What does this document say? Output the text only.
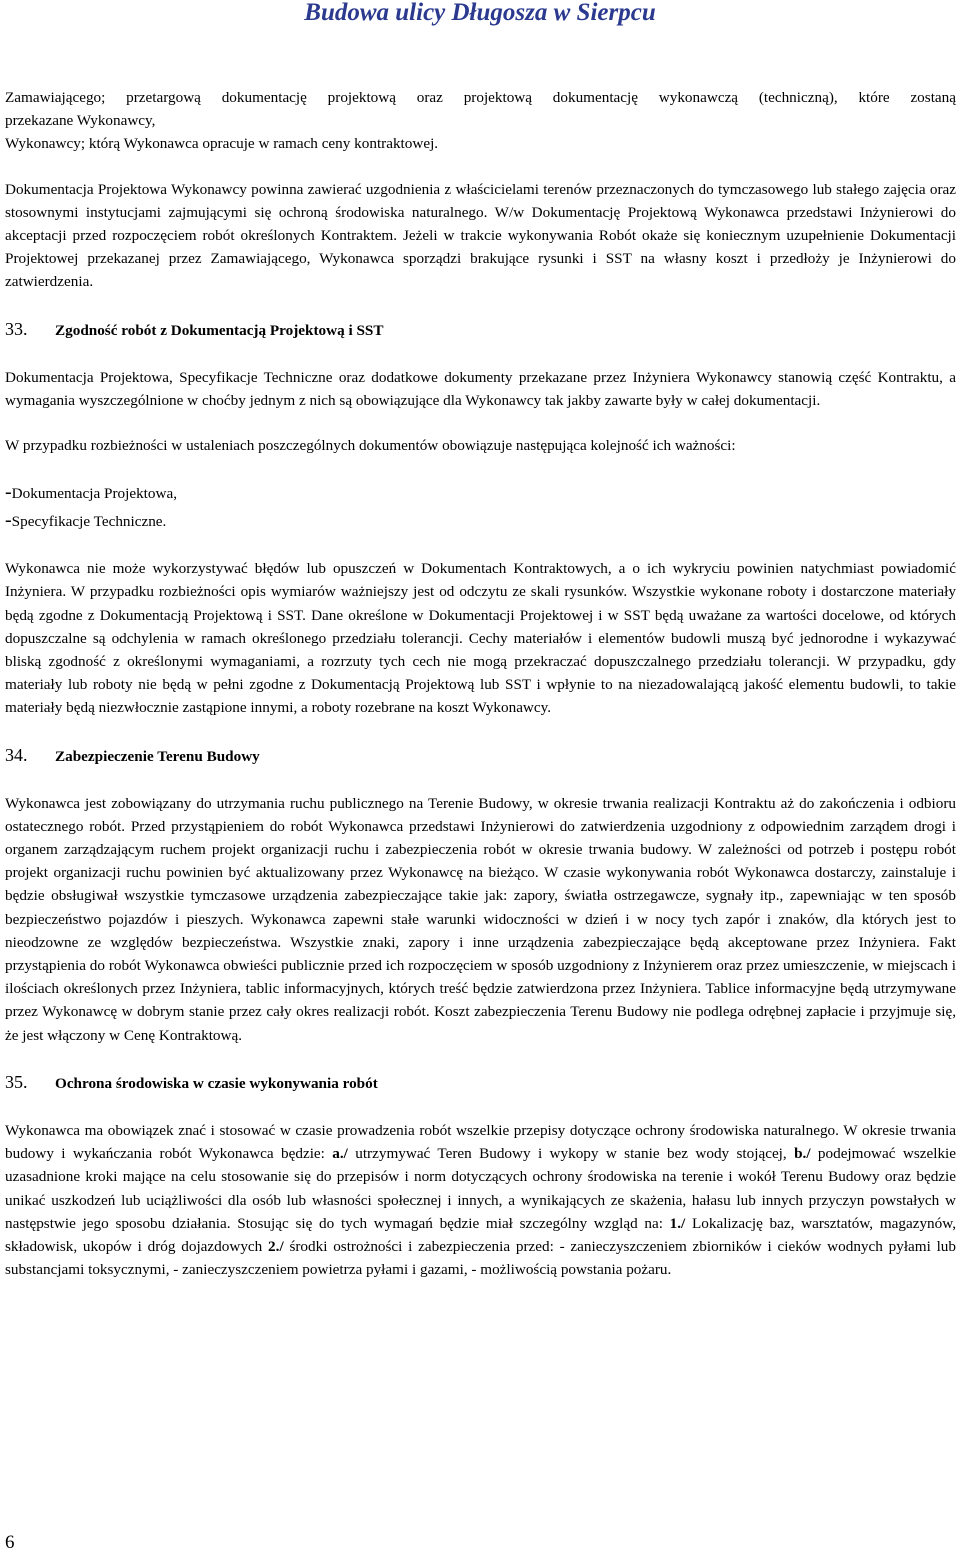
Budowa ulicy Długosza w Sierpcu

Zamawiającego; przetargową dokumentację projektową oraz projektową dokumentację wykonawczą (techniczną), które zostaną

przekazane Wykonawcy,

Wykonawcy; którą Wykonawca opracuje w ramach ceny kontraktowej.

Dokumentacja Projektowa Wykonawcy powinna zawierać uzgodnienia z właścicielami terenów przeznaczonych do tymczasowego lub stałego zajęcia oraz stosownymi instytucjami zajmującymi się ochroną środowiska naturalnego. W/w Dokumentację Projektową Wykonawca przedstawi Inżynierowi do akceptacji przed rozpoczęciem robót określonych Kontraktem. Jeżeli w trakcie wykonywania Robót okaże się koniecznym uzupełnienie Dokumentacji Projektowej przekazanej przez Zamawiającego, Wykonawca sporządzi brakujące rysunki i SST na własny koszt i przedłoży je Inżynierowi do zatwierdzenia.

33.	Zgodność robót z Dokumentacją Projektową i SST

Dokumentacja Projektowa, Specyfikacje Techniczne oraz dodatkowe dokumenty przekazane przez Inżyniera Wykonawcy stanowią część Kontraktu, a wymagania wyszczególnione w choćby jednym z nich są obowiązujące dla Wykonawcy tak jakby zawarte były w całej dokumentacji.

W przypadku rozbieżności w ustaleniach poszczególnych dokumentów obowiązuje następująca kolejność ich ważności:

-Dokumentacja Projektowa,

-Specyfikacje Techniczne.

Wykonawca nie może wykorzystywać błędów lub opuszczeń w Dokumentach Kontraktowych, a o ich wykryciu powinien natychmiast powiadomić Inżyniera. W przypadku rozbieżności opis wymiarów ważniejszy jest od odczytu ze skali rysunków. Wszystkie wykonane roboty i dostarczone materiały będą zgodne z Dokumentacją Projektową i SST. Dane określone w Dokumentacji Projektowej i w SST będą uważane za wartości docelowe, od których dopuszczalne są odchylenia w ramach określonego przedziału tolerancji. Cechy materiałów i elementów budowli muszą być jednorodne i wykazywać bliską zgodność z określonymi wymaganiami, a rozrzuty tych cech nie mogą przekraczać dopuszczalnego przedziału tolerancji. W przypadku, gdy materiały lub roboty nie będą w pełni zgodne z Dokumentacją Projektową lub SST i wpłynie to na niezadowalającą jakość elementu budowli, to takie materiały będą niezwłocznie zastąpione innymi, a roboty rozebrane na koszt Wykonawcy.

34.	Zabezpieczenie Terenu Budowy

Wykonawca jest zobowiązany do utrzymania ruchu publicznego na Terenie Budowy, w okresie trwania realizacji Kontraktu aż do zakończenia i odbioru ostatecznego robót. Przed przystąpieniem do robót Wykonawca przedstawi Inżynierowi do zatwierdzenia uzgodniony z odpowiednim zarządem drogi i organem zarządzającym ruchem projekt organizacji ruchu i zabezpieczenia robót w okresie trwania budowy. W zależności od potrzeb i postępu robót projekt organizacji ruchu powinien być aktualizowany przez Wykonawcę na bieżąco. W czasie wykonywania robót Wykonawca dostarczy, zainstaluje i będzie obsługiwał wszystkie tymczasowe urządzenia zabezpieczające takie jak: zapory, światła ostrzegawcze, sygnały itp., zapewniając w ten sposób bezpieczeństwo pojazdów i pieszych. Wykonawca zapewni stałe warunki widoczności w dzień i w nocy tych zapór i znaków, dla których jest to nieodzowne ze względów bezpieczeństwa. Wszystkie znaki, zapory i inne urządzenia zabezpieczające będą akceptowane przez Inżyniera. Fakt przystąpienia do robót Wykonawca obwieści publicznie przed ich rozpoczęciem w sposób uzgodniony z Inżynierem oraz przez umieszczenie, w miejscach i ilościach określonych przez Inżyniera, tablic informacyjnych, których treść będzie zatwierdzona przez Inżyniera. Tablice informacyjne będą utrzymywane przez Wykonawcę w dobrym stanie przez cały okres realizacji robót. Koszt zabezpieczenia Terenu Budowy nie podlega odrębnej zapłacie i przyjmuje się, że jest włączony w Cenę Kontraktową.

35.	Ochrona środowiska w czasie wykonywania robót

Wykonawca ma obowiązek znać i stosować w czasie prowadzenia robót wszelkie przepisy dotyczące ochrony środowiska naturalnego. W okresie trwania budowy i wykańczania robót Wykonawca będzie: a./ utrzymywać Teren Budowy i wykopy w stanie bez wody stojącej, b./ podejmować wszelkie uzasadnione kroki mające na celu stosowanie się do przepisów i norm dotyczących ochrony środowiska na terenie i wokół Terenu Budowy oraz będzie unikać uszkodzeń lub uciążliwości dla osób lub własności społecznej i innych, a wynikających ze skażenia, hałasu lub innych przyczyn powstałych w następstwie jego sposobu działania. Stosując się do tych wymagań będzie miał szczególny wzgląd na: 1./ Lokalizację baz, warsztatów, magazynów, składowisk, ukopów i dróg dojazdowych 2./ środki ostrożności i zabezpieczenia przed: - zanieczyszczeniem zbiorników i cieków wodnych pyłami lub substancjami toksycznymi, - zanieczyszczeniem powietrza pyłami i gazami, - możliwością powstania pożaru.

6
